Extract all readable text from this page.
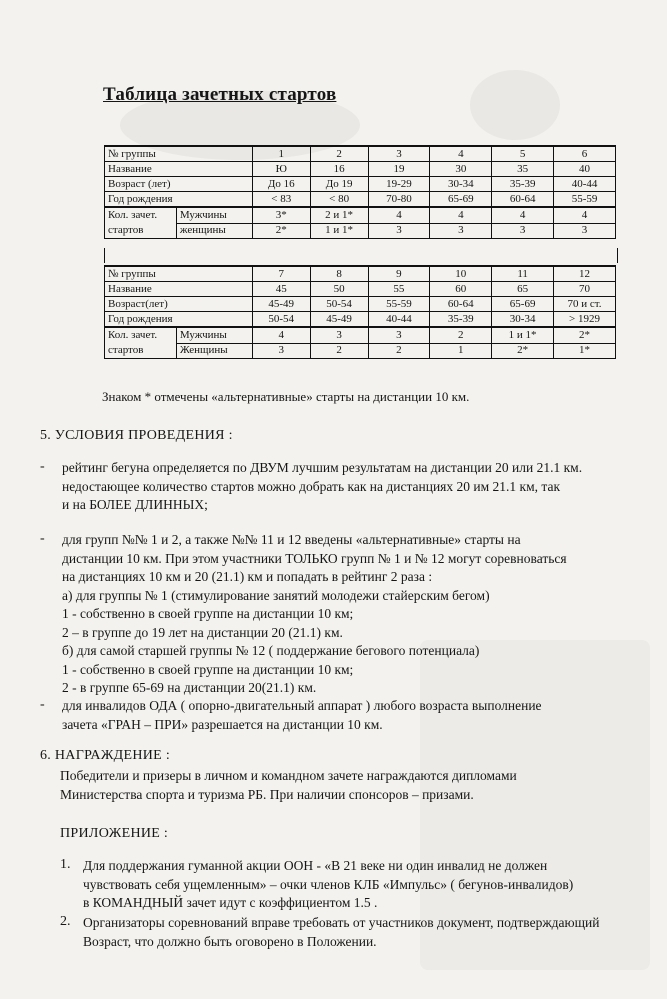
Таблица зачетных стартов
№ группы		1	2	3	4	5	6
Название		Ю	16	19	30	35	40
Возраст (лет)		До 16	До 19	19-29	30-34	35-39	40-44
Год рождения		< 83	< 80	70-80	65-69	60-64	55-59

Кол. зачет.
стартов	Мужчины	3*	2 и 1*	4	4	4	4
	женщины	2*	1 и 1*	3	3	3	3
№ группы		7	8	9	10	11	12
Название		45	50	55	60	65	70
Возраст(лет)		45-49	50-54	55-59	60-64	65-69	70 и ст.
Год рождения		50-54	45-49	40-44	35-39	30-34	> 1929

Кол. зачет.
стартов	Мужчины	4	3	3	2	1 и 1*	2*
	Женщины	3	2	2	1	2*	1*
Знаком * отмечены «альтернативные» старты на дистанции 10 км.
5. УСЛОВИЯ ПРОВЕДЕНИЯ :
- рейтинг бегуна определяется по ДВУМ лучшим результатам на дистанции 20 или 21.1 км.
недостающее количество стартов можно добрать как на дистанциях 20 им 21.1 км, так
и на БОЛЕЕ ДЛИННЫХ;
- для групп №№ 1 и 2, а также №№ 11 и 12 введены «альтернативные» старты на
дистанции 10 км. При этом участники ТОЛЬКО групп № 1 и № 12 могут соревноваться
на дистанциях 10 км и 20 (21.1) км и попадать в рейтинг 2 раза :
а) для группы № 1 (стимулирование занятий молодежи стайерским бегом)
1 - собственно в своей группе на дистанции 10 км;
2 – в группе до 19 лет на дистанции 20 (21.1) км.
б) для самой старшей группы № 12 ( поддержание бегового потенциала)
1 - собственно в своей группе на дистанции 10 км;
2 - в группе 65-69 на дистанции 20(21.1) км.
- для инвалидов ОДА ( опорно-двигательный аппарат ) любого возраста выполнение
зачета «ГРАН – ПРИ» разрешается на дистанции 10 км.
6. НАГРАЖДЕНИЕ :
Победители и призеры в личном и командном зачете награждаются дипломами
Министерства спорта и туризма РБ. При наличии спонсоров – призами.
ПРИЛОЖЕНИЕ :
1. Для поддержания гуманной акции ООН - «В 21 веке ни один инвалид не должен
чувствовать себя ущемленным» – очки членов КЛБ «Импульс» ( бегунов-инвалидов)
в КОМАНДНЫЙ зачет идут с коэффициентом 1.5 .
2. Организаторы соревнований вправе требовать от участников документ, подтверждающий
Возраст, что должно быть оговорено в Положении.
